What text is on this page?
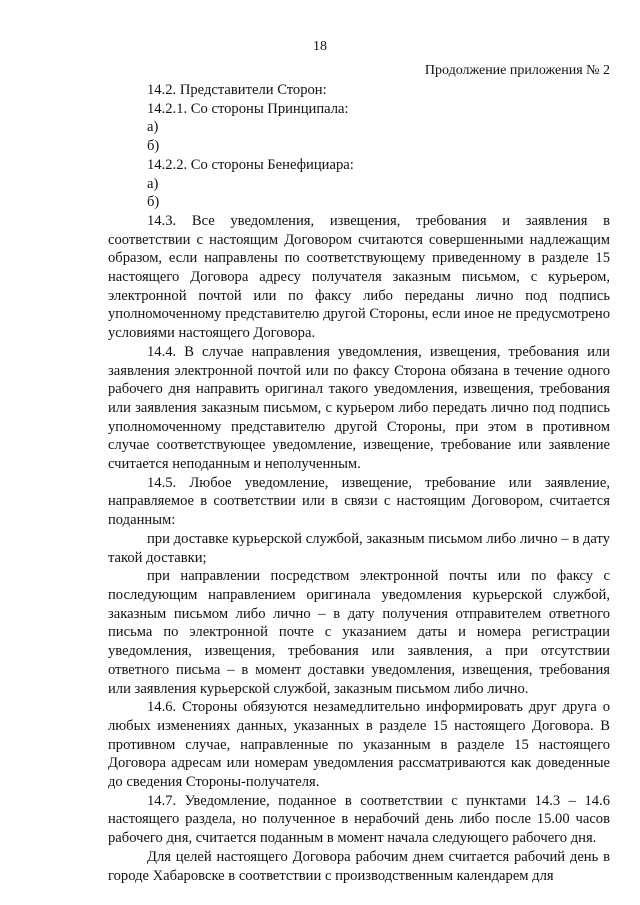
18
Продолжение приложения № 2

14.2. Представители Сторон:

14.2.1. Со стороны Принципала:

а)

б)

14.2.2. Со стороны Бенефициара:

а)

б)

14.3. Все уведомления, извещения, требования и заявления в соответствии с настоящим Договором считаются совершенными надлежащим образом, если направлены по соответствующему приведенному в разделе 15 настоящего Договора адресу получателя заказным письмом, с курьером, электронной почтой или по факсу либо переданы лично под подпись уполномоченному представителю другой Стороны, если иное не предусмотрено условиями настоящего Договора.

14.4. В случае направления уведомления, извещения, требования или заявления электронной почтой или по факсу Сторона обязана в течение одного рабочего дня направить оригинал такого уведомления, извещения, требования или заявления заказным письмом, с курьером либо передать лично под подпись уполномоченному представителю другой Стороны, при этом в противном случае соответствующее уведомление, извещение, требование или заявление считается неподанным и неполученным.

14.5. Любое уведомление, извещение, требование или заявление, направляемое в соответствии или в связи с настоящим Договором, считается поданным:

при доставке курьерской службой, заказным письмом либо лично – в дату такой доставки;

при направлении посредством электронной почты или по факсу с последующим направлением оригинала уведомления курьерской службой, заказным письмом либо лично – в дату получения отправителем ответного письма по электронной почте с указанием даты и номера регистрации уведомления, извещения, требования или заявления, а при отсутствии ответного письма – в момент доставки уведомления, извещения, требования или заявления курьерской службой, заказным письмом либо лично.

14.6. Стороны обязуются незамедлительно информировать друг друга о любых изменениях данных, указанных в разделе 15 настоящего Договора. В противном случае, направленные по указанным в разделе 15 настоящего Договора адресам или номерам уведомления рассматриваются как доведенные до сведения Стороны-получателя.

14.7. Уведомление, поданное в соответствии с пунктами 14.3 – 14.6 настоящего раздела, но полученное в нерабочий день либо после 15.00 часов рабочего дня, считается поданным в момент начала следующего рабочего дня.

Для целей настоящего Договора рабочим днем считается рабочий день в городе Хабаровске в соответствии с производственным календарем для
